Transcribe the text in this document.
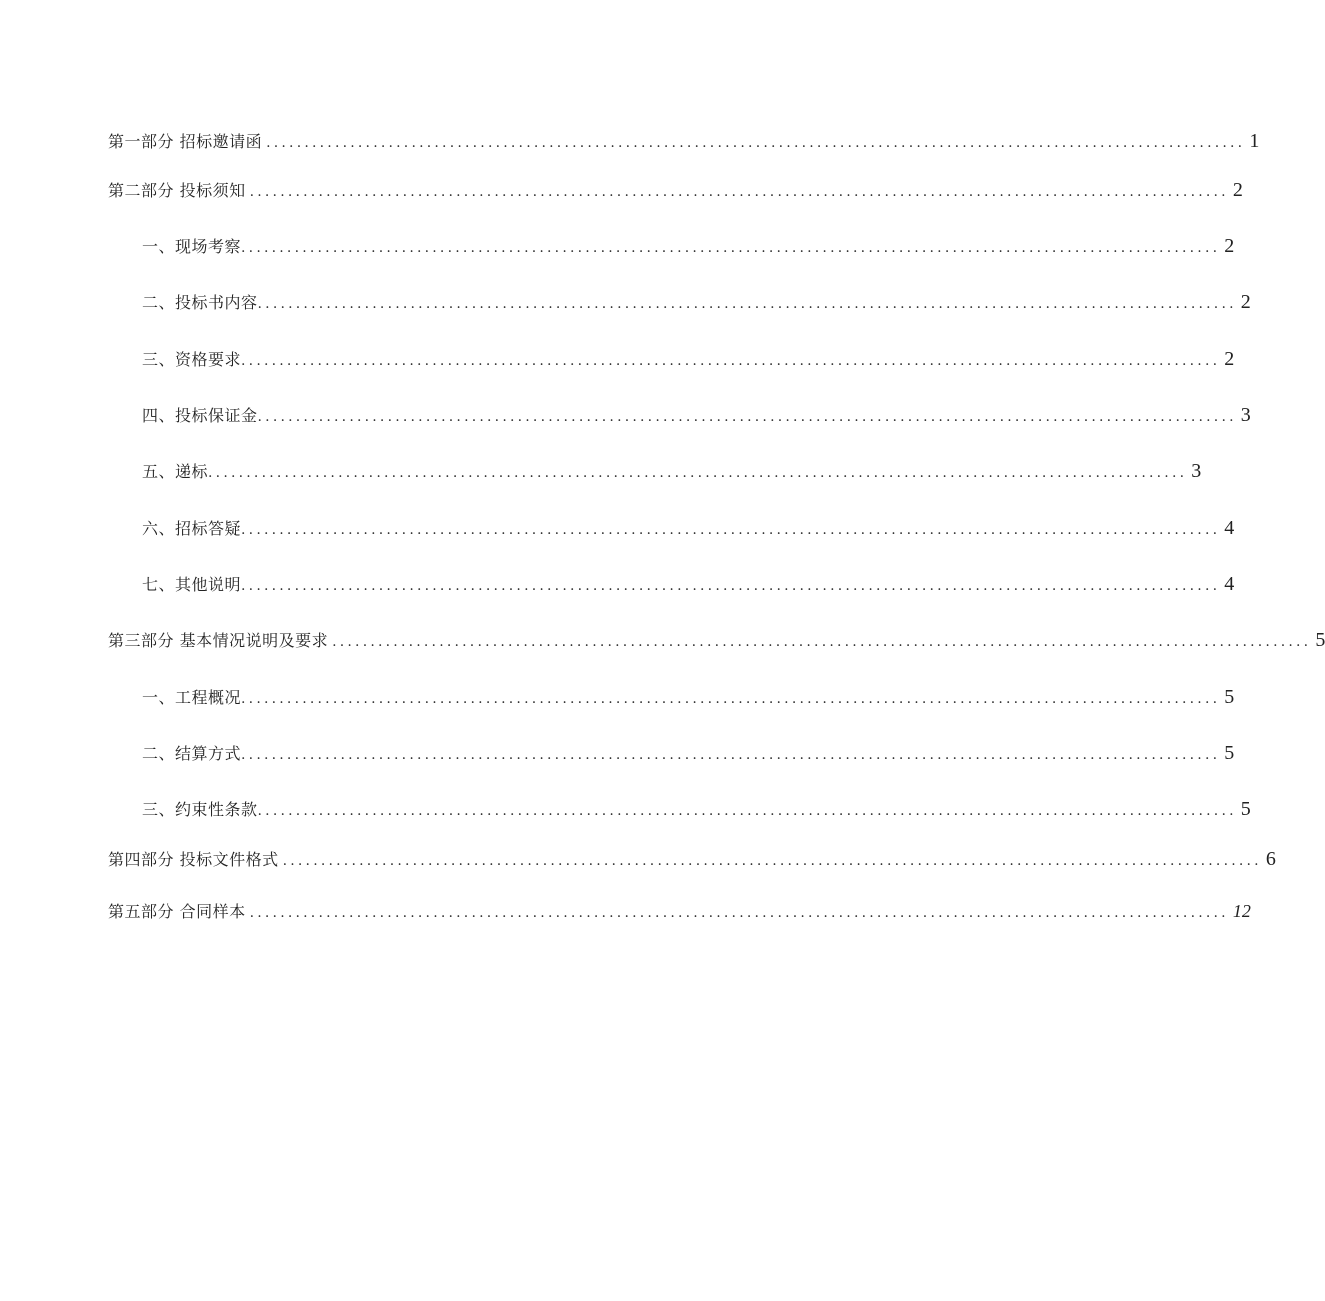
第一部分 招标邀请函 ................................................................................................................................ 1
第二部分 投标须知 ................................................................................................................................ 2
一、现场考察 ................................................................................................................................ 2
二、投标书内容 ................................................................................................................................ 2
三、资格要求 ................................................................................................................................ 2
四、投标保证金 ................................................................................................................................ 3
五、递标 ................................................................................................................................ 3
六、招标答疑 ................................................................................................................................ 4
七、其他说明 ................................................................................................................................ 4
第三部分 基本情况说明及要求 ................................................................................................................................ 5
一、工程概况 ................................................................................................................................ 5
二、结算方式 ................................................................................................................................ 5
三、约束性条款 ................................................................................................................................ 5
第四部分 投标文件格式 ................................................................................................................................ 6
第五部分 合同样本 ................................................................................................................................ 12
